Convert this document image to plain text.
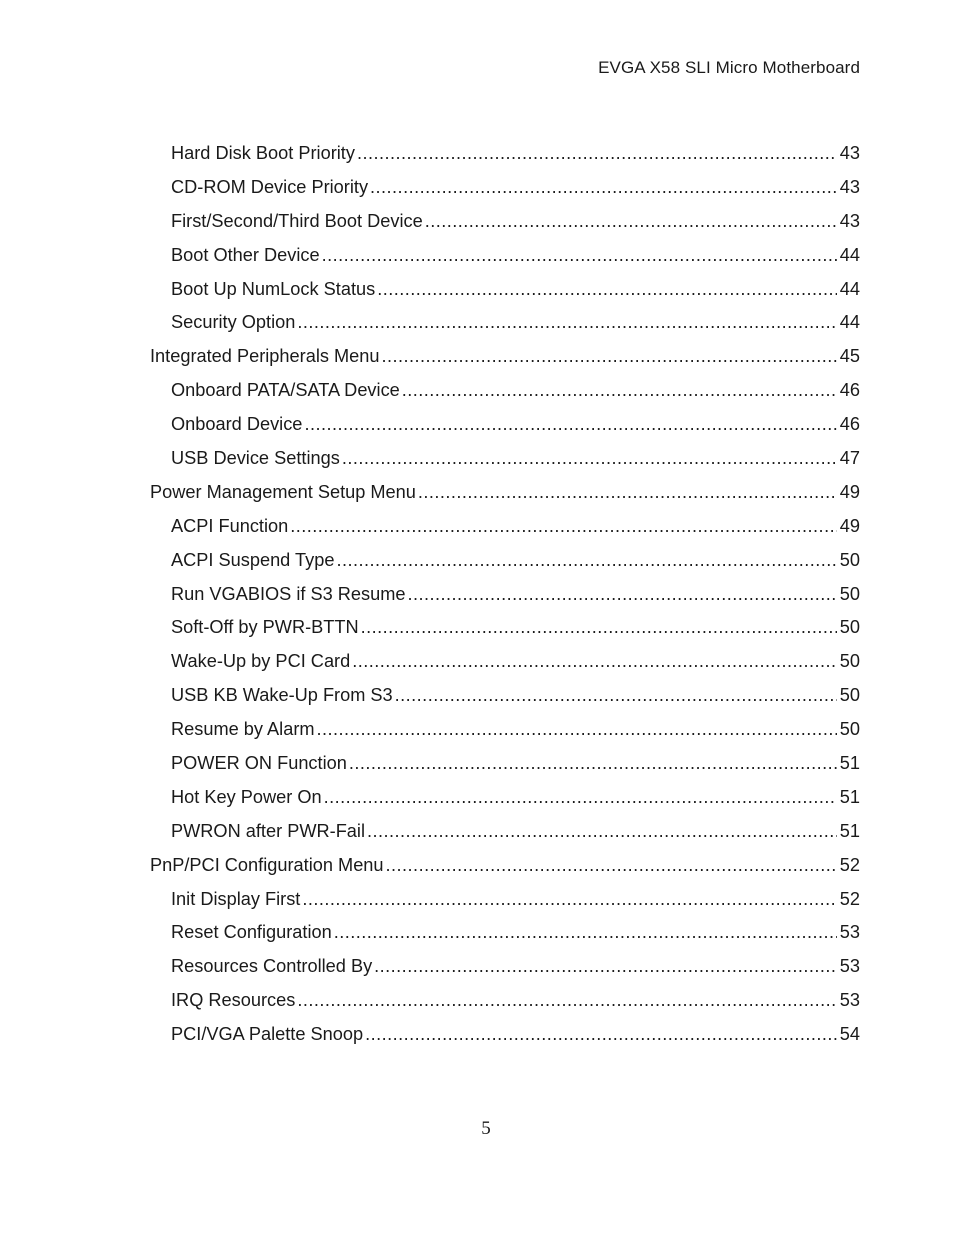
EVGA X58 SLI Micro Motherboard
Hard Disk Boot Priority .....	43
CD-ROM Device Priority .....	43
First/Second/Third Boot Device .....	43
Boot Other Device .....	44
Boot Up NumLock Status .....	44
Security Option .....	44
Integrated Peripherals Menu .....	45
Onboard PATA/SATA Device .....	46
Onboard Device .....	46
USB Device Settings .....	47
Power Management Setup Menu .....	49
ACPI Function .....	49
ACPI Suspend Type .....	50
Run VGABIOS if S3 Resume .....	50
Soft-Off by PWR-BTTN .....	50
Wake-Up by PCI Card .....	50
USB KB Wake-Up From S3 .....	50
Resume by Alarm .....	50
POWER ON Function .....	51
Hot Key Power On .....	51
PWRON after PWR-Fail .....	51
PnP/PCI Configuration Menu .....	52
Init Display First .....	52
Reset Configuration .....	53
Resources Controlled By .....	53
IRQ Resources .....	53
PCI/VGA Palette Snoop .....	54
5
